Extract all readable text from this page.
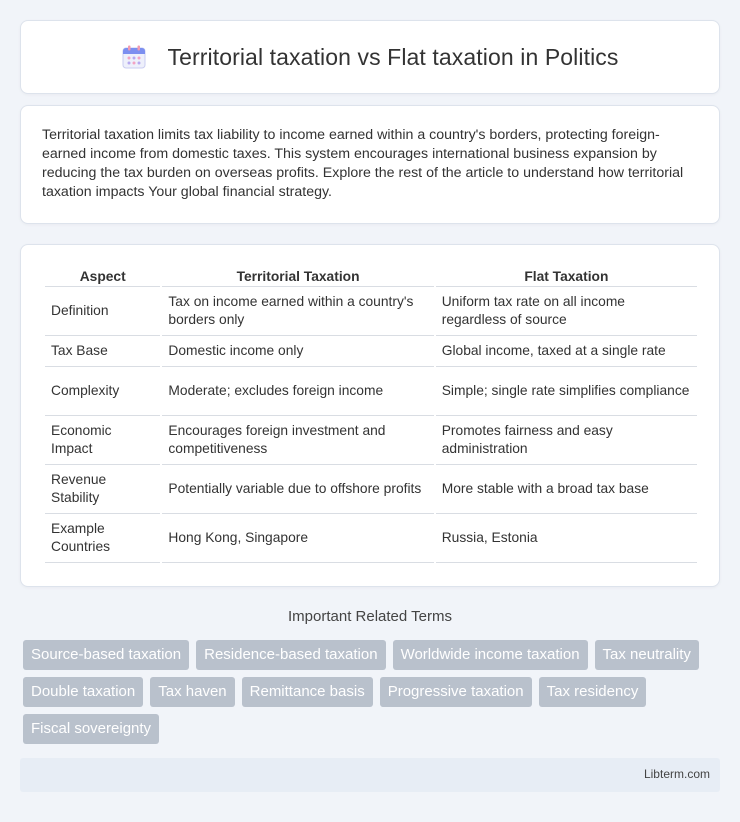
Territorial taxation vs Flat taxation in Politics

Territorial taxation limits tax liability to income earned within a country's borders, protecting foreign-earned income from domestic taxes. This system encourages international business expansion by reducing the tax burden on overseas profits. Explore the rest of the article to understand how territorial taxation impacts Your global financial strategy.

Aspect	Territorial Taxation	Flat Taxation
Definition	Tax on income earned within a country's borders only	Uniform tax rate on all income regardless of source
Tax Base	Domestic income only	Global income, taxed at a single rate
Complexity	Moderate; excludes foreign income	Simple; single rate simplifies compliance
Economic Impact	Encourages foreign investment and competitiveness	Promotes fairness and easy administration
Revenue Stability	Potentially variable due to offshore profits	More stable with a broad tax base
Example Countries	Hong Kong, Singapore	Russia, Estonia
Important Related Terms
Source-based taxation	Residence-based taxation	Worldwide income taxation	Tax neutrality
Double taxation	Tax haven	Remittance basis	Progressive taxation	Tax residency
Fiscal sovereignty
Libterm.com
